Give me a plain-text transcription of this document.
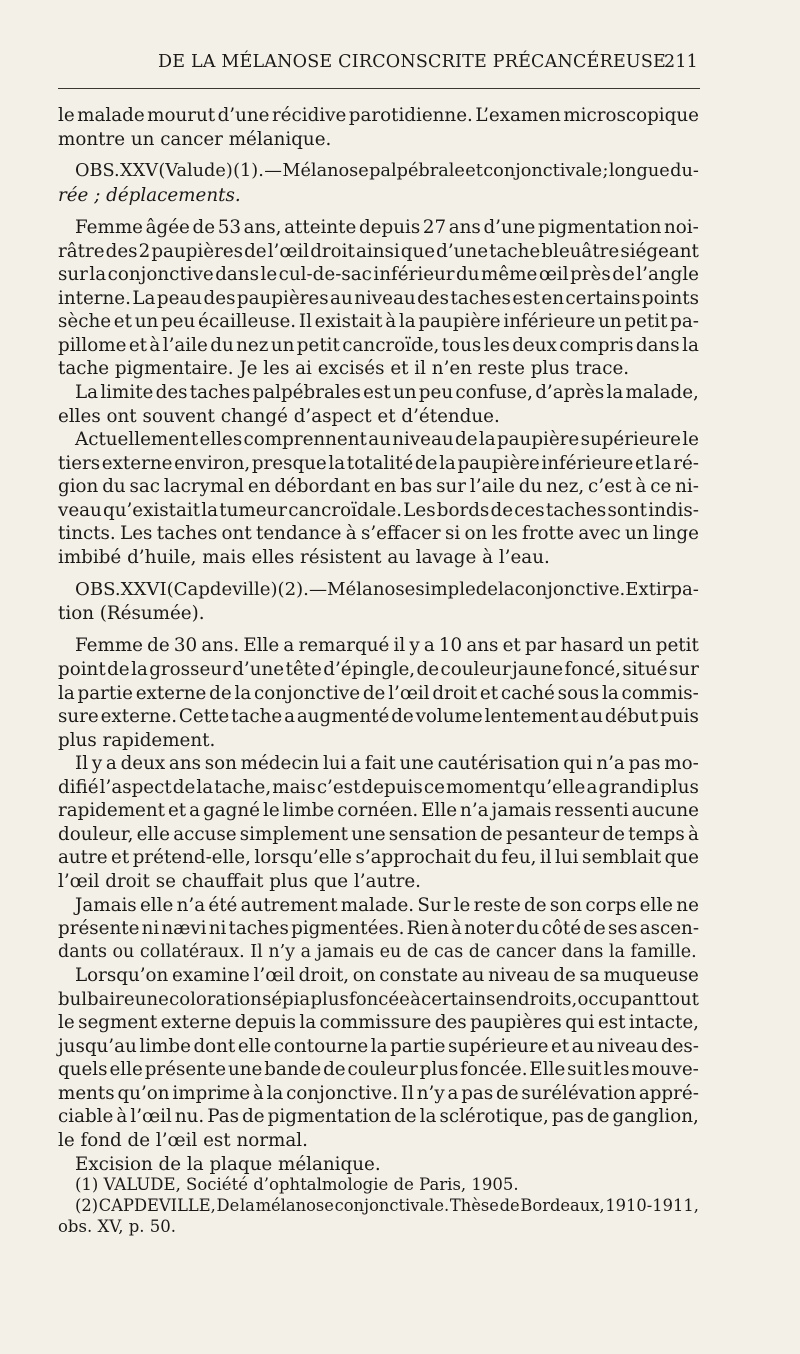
DE LA MÉLANOSE CIRCONSCRITE PRÉCANCÉREUSE
211
le malade mourut d’une récidive parotidienne. L’examen microscopique
montre un cancer mélanique.
OBS. XXV (Valude) (1). — Mélanose palpébrale et conjonctivale ; longue du-
rée ; déplacements.
Femme âgée de 53 ans, atteinte depuis 27 ans d’une pigmentation noi-
râtre des 2 paupières de l’œil droit ainsi que d’une tache bleuâtre siégeant
sur la conjonctive dans le cul-de-sac inférieur du même œil près de l’angle
interne. La peau des paupières au niveau des taches est en certains points
sèche et un peu écailleuse. Il existait à la paupière inférieure un petit pa-
pillome et à l’aile du nez un petit cancroïde, tous les deux compris dans la
tache pigmentaire. Je les ai excisés et il n’en reste plus trace.
La limite des taches palpébrales est un peu confuse, d’après la malade,
elles ont souvent changé d’aspect et d’étendue.
Actuellement elles comprennent au niveau de la paupière supérieure le
tiers externe environ, presque la totalité de la paupière inférieure et la ré-
gion du sac lacrymal en débordant en bas sur l’aile du nez, c’est à ce ni-
veau qu’existait la tumeur cancroïdale. Les bords de ces taches sont indis-
tincts. Les taches ont tendance à s’effacer si on les frotte avec un linge
imbibé d’huile, mais elles résistent au lavage à l’eau.
OBS. XXVI (Capdeville) (2). — Mélanose simple de la conjonctive. Extirpa-
tion (Résumée).
Femme de 30 ans. Elle a remarqué il y a 10 ans et par hasard un petit
point de la grosseur d’une tête d’épingle, de couleur jaune foncé, situé sur
la partie externe de la conjonctive de l’œil droit et caché sous la commis-
sure externe. Cette tache a augmenté de volume lentement au début puis
plus rapidement.
Il y a deux ans son médecin lui a fait une cautérisation qui n’a pas mo-
difié l’aspect de la tache, mais c’est depuis ce moment qu’elle a grandi plus
rapidement et a gagné le limbe cornéen. Elle n’a jamais ressenti aucune
douleur, elle accuse simplement une sensation de pesanteur de temps à
autre et prétend-elle, lorsqu’elle s’approchait du feu, il lui semblait que
l’œil droit se chauffait plus que l’autre.
Jamais elle n’a été autrement malade. Sur le reste de son corps elle ne
présente ni nævi ni taches pigmentées. Rien à noter du côté de ses ascen-
dants ou collatéraux. Il n’y a jamais eu de cas de cancer dans la famille.
Lorsqu’on examine l’œil droit, on constate au niveau de sa muqueuse
bulbaire une coloration sépia plus foncée à certains endroits, occupant tout
le segment externe depuis la commissure des paupières qui est intacte,
jusqu’au limbe dont elle contourne la partie supérieure et au niveau des-
quels elle présente une bande de couleur plus foncée. Elle suit les mouve-
ments qu’on imprime à la conjonctive. Il n’y a pas de surélévation appré-
ciable à l’œil nu. Pas de pigmentation de la sclérotique, pas de ganglion,
le fond de l’œil est normal.
Excision de la plaque mélanique.
(1) VALUDE, Société d’ophtalmologie de Paris, 1905.
(2) CAPDEVILLE, De la mélanose conjonctivale. Thèse de Bordeaux, 1910-1911,
obs. XV, p. 50.
